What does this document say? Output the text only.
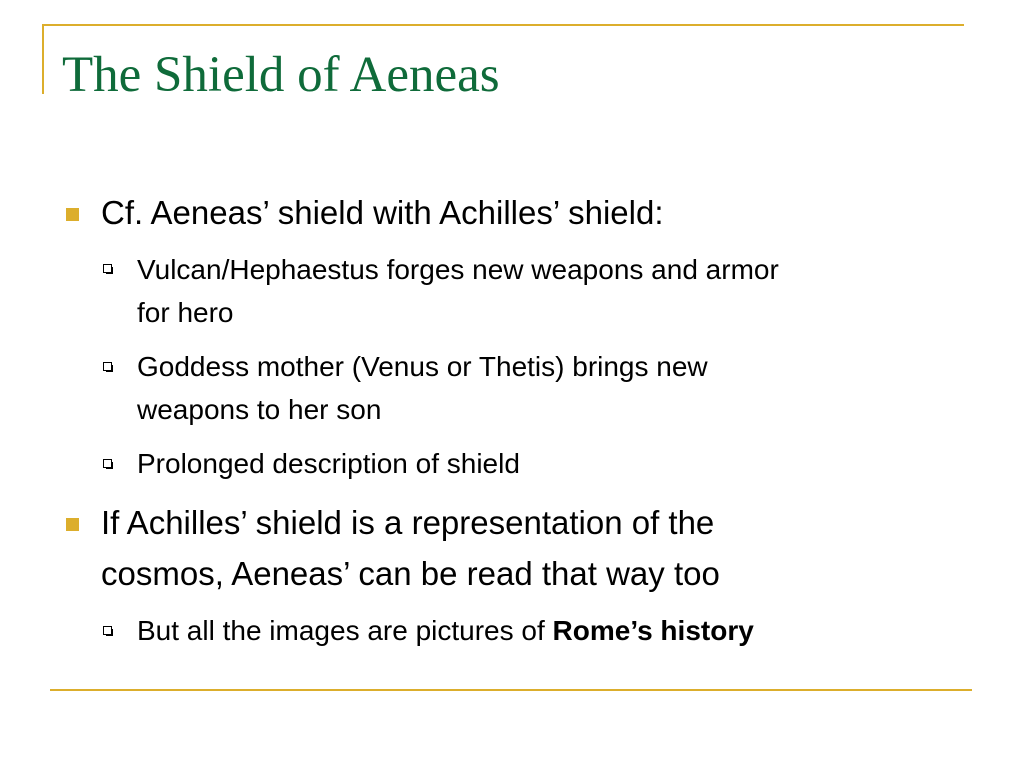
The Shield of Aeneas
Cf. Aeneas’ shield with Achilles’ shield:
Vulcan/Hephaestus forges new weapons and armor
for hero
Goddess mother (Venus or Thetis) brings new
weapons to her son
Prolonged description of shield
If Achilles’ shield is a representation of the
cosmos, Aeneas’ can be read that way too
But all the images are pictures of Rome’s history
